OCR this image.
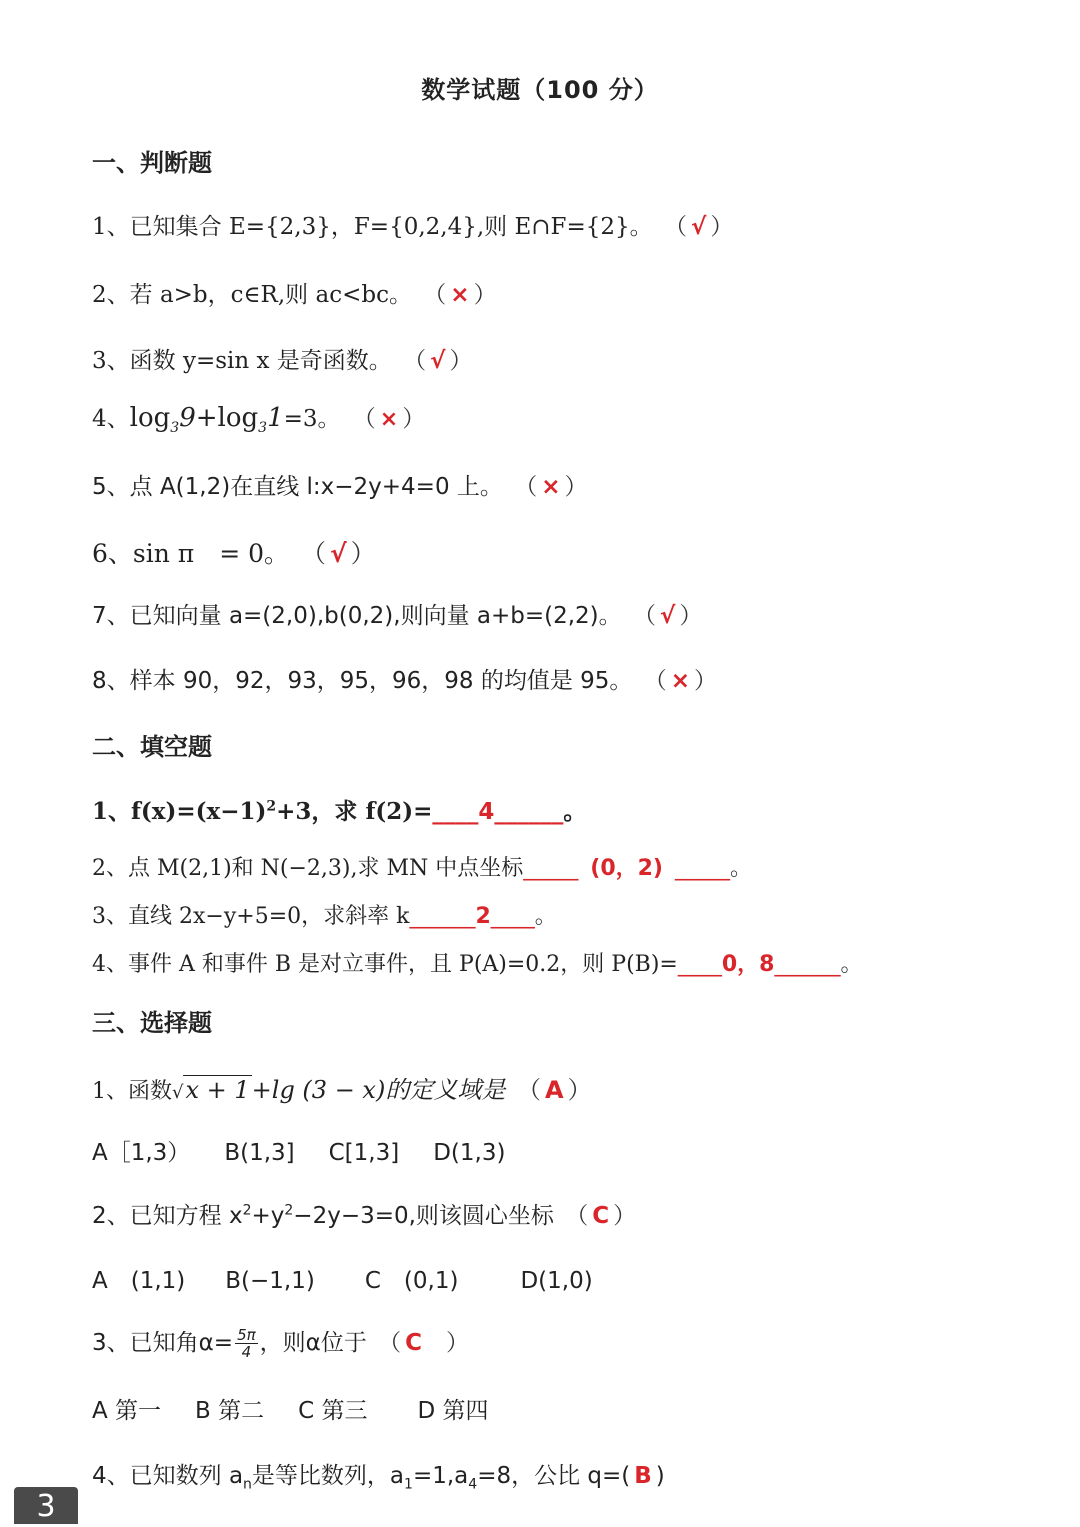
数学试题（100 分）
一、判断题
1、已知集合 E={2,3}，F={0,2,4},则 E∩F={2}。 （ √ ）
2、若 a>b，c∈R,则 ac<bc。 （ × ）
3、函数 y=sin x 是奇函数。 （ √ ）
4、$\log_39+\log_31=3$。 （ × ）
5、点 A(1,2)在直线 l:x−2y+4=0 上。 （ × ）
6、sin π　= 0。 （ √ ）
7、已知向量 a=(2,0),b(0,2),则向量 a+b=(2,2)。 （ √ ）
8、样本 90，92，93，95，96，98 的均值是 95。 （ × ）
二、填空题
1、$f(x)=(x-1)^2+3$，求 f(2)=____4______。
2、点 M(2,1)和 N(−2,3),求 MN 中点坐标_____ (0，2) _____。
3、直线 2x−y+5=0，求斜率 k______2____。
4、事件 A 和事件 B 是对立事件，且 P(A)=0.2，则 P(B)=____0，8______。
三、选择题
1、函数√x + 1+lg (3 − x)的定义域是 （ A ）
A［1,3） B(1,3] C[1,3] D(1,3)
2、已知方程 $x^2+y^2-2y-3=0$,则该圆心坐标 （ C ）
A　(1,1) B(−1,1) C　(0,1)	D(1,0)
3、已知角$\alpha= \frac{5\pi}{4}$ ，则α位于 （ C ）
A 第一 B 第二 C 第三 D 第四
4、已知数列 $a_n$是等比数列，$a_1=1,a_4=8$，公比 q=( B )
3
